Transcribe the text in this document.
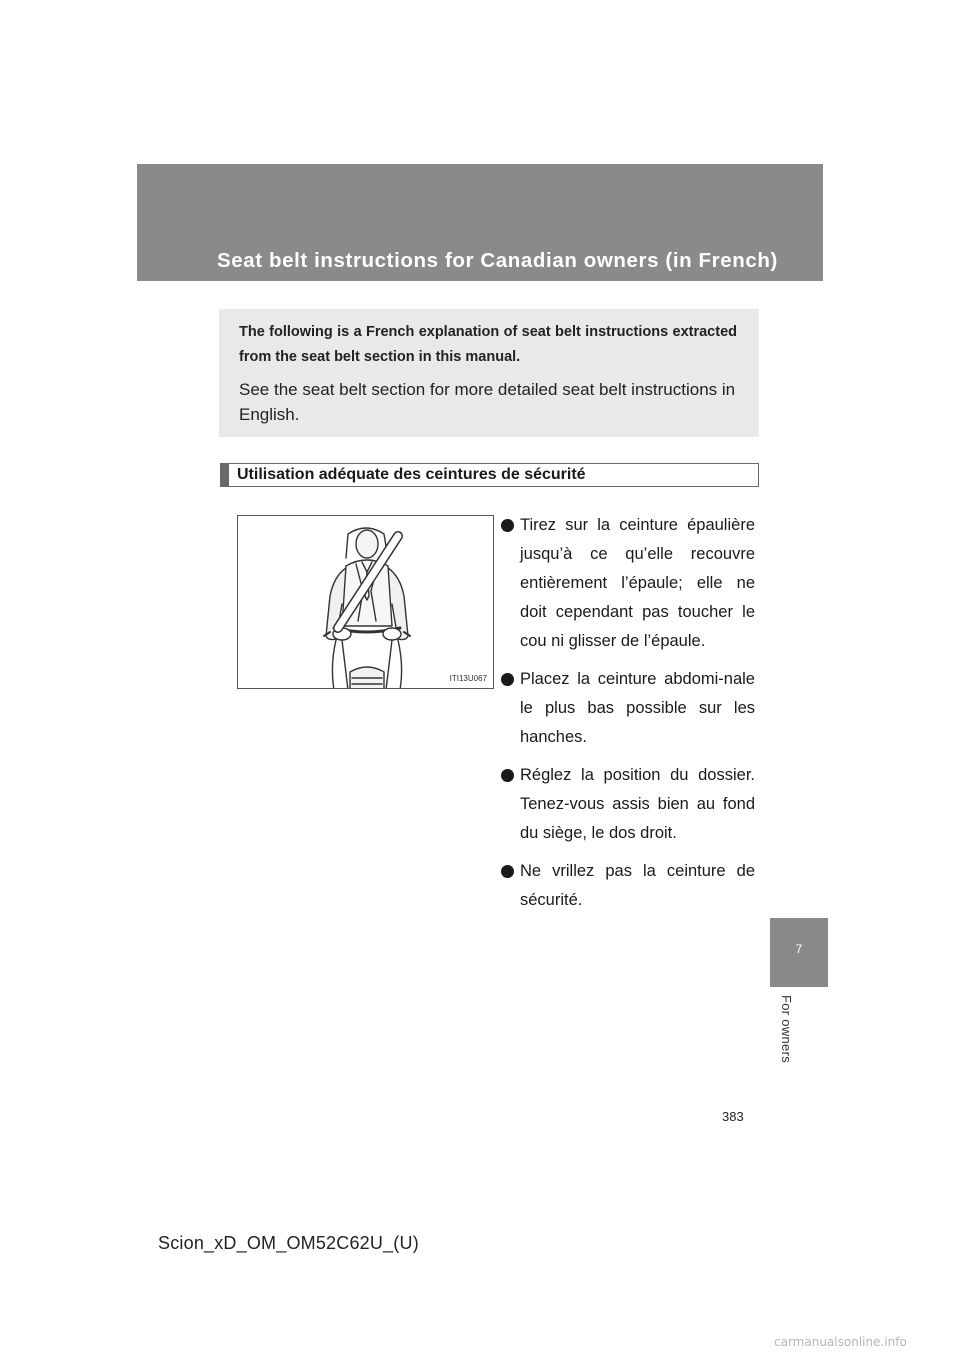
Seat belt instructions for Canadian owners (in French)

The following is a French explanation of seat belt instructions extracted from the seat belt section in this manual.

See the seat belt section for more detailed seat belt instructions in English.

Utilisation adéquate des ceintures de sécurité
ITI13U067
Tirez sur la ceinture épaulière jusqu’à ce qu’elle recouvre entièrement l’épaule; elle ne doit cependant pas toucher le cou ni glisser de l’épaule.
Placez la ceinture abdomi-nale le plus bas possible sur les hanches.
Réglez la position du dossier. Tenez-vous assis bien au fond du siège, le dos droit.
Ne vrillez pas la ceinture de sécurité.
7
For owners
383
Scion_xD_OM_OM52C62U_(U)
carmanualsonline.info
